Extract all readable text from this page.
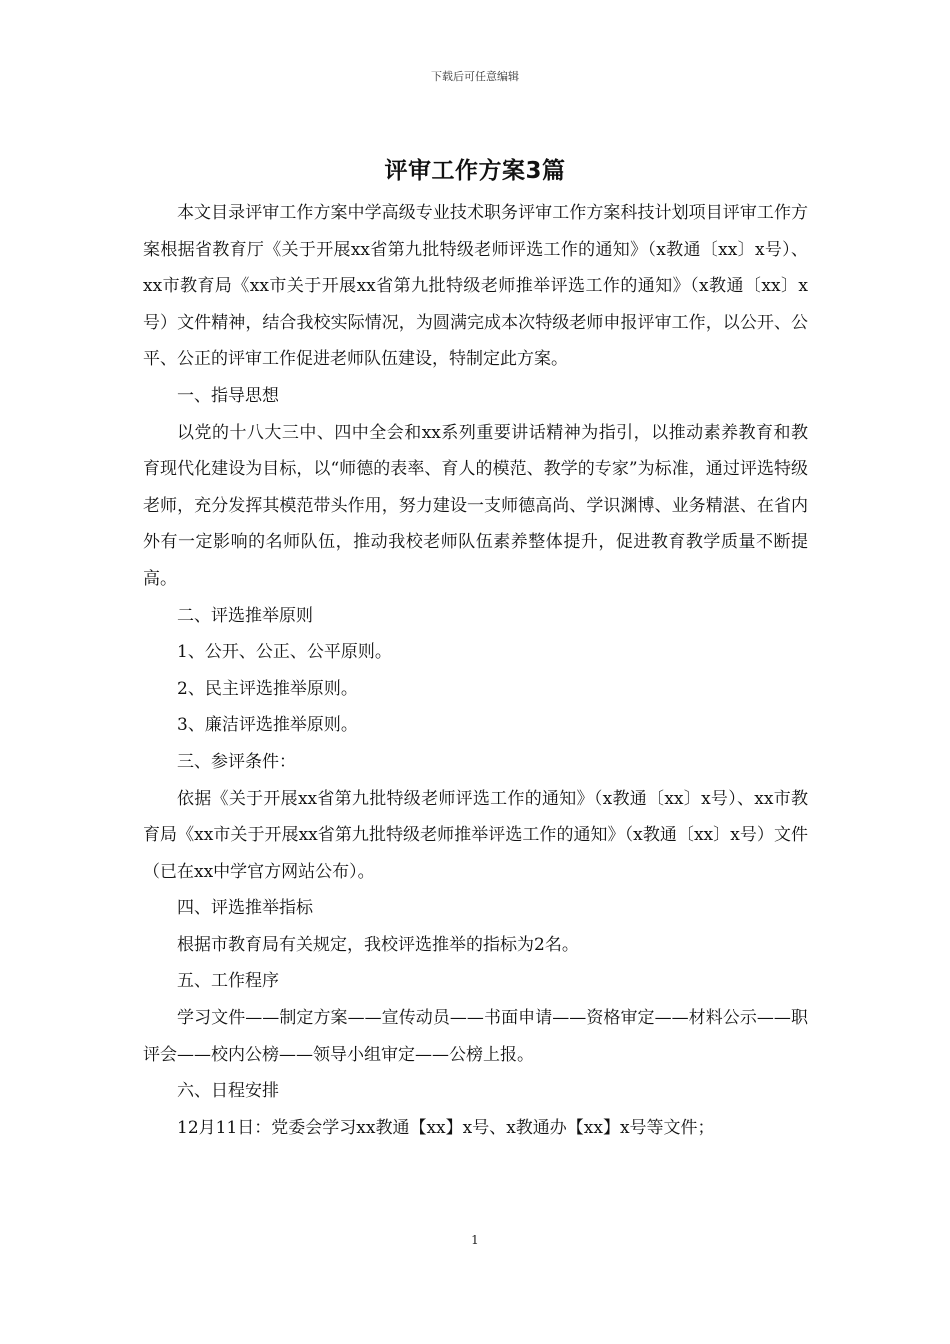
下载后可任意编辑
评审工作方案3篇

本文目录评审工作方案中学高级专业技术职务评审工作方案科技计划项目评审工作方案根据省教育厅《关于开展xx省第九批特级老师评选工作的通知》（x教通〔xx〕x号）、xx市教育局《xx市关于开展xx省第九批特级老师推举评选工作的通知》（x教通〔xx〕x号）文件精神，结合我校实际情况，为圆满完成本次特级老师申报评审工作，以公开、公平、公正的评审工作促进老师队伍建设，特制定此方案。

一、指导思想

以党的十八大三中、四中全会和xx系列重要讲话精神为指引，以推动素养教育和教育现代化建设为目标，以“师德的表率、育人的模范、教学的专家”为标准，通过评选特级老师，充分发挥其模范带头作用，努力建设一支师德高尚、学识渊博、业务精湛、在省内外有一定影响的名师队伍，推动我校老师队伍素养整体提升，促进教育教学质量不断提高。

二、评选推举原则

1、公开、公正、公平原则。

2、民主评选推举原则。

3、廉洁评选推举原则。

三、参评条件：

依据《关于开展xx省第九批特级老师评选工作的通知》（x教通〔xx〕x号）、xx市教育局《xx市关于开展xx省第九批特级老师推举评选工作的通知》（x教通〔xx〕x号）文件（已在xx中学官方网站公布）。

四、评选推举指标

根据市教育局有关规定，我校评选推举的指标为2名。

五、工作程序

学习文件——制定方案——宣传动员——书面申请——资格审定——材料公示——职评会——校内公榜——领导小组审定——公榜上报。

六、日程安排

12月11日：党委会学习xx教通【xx】x号、x教通办【xx】x号等文件；

1
